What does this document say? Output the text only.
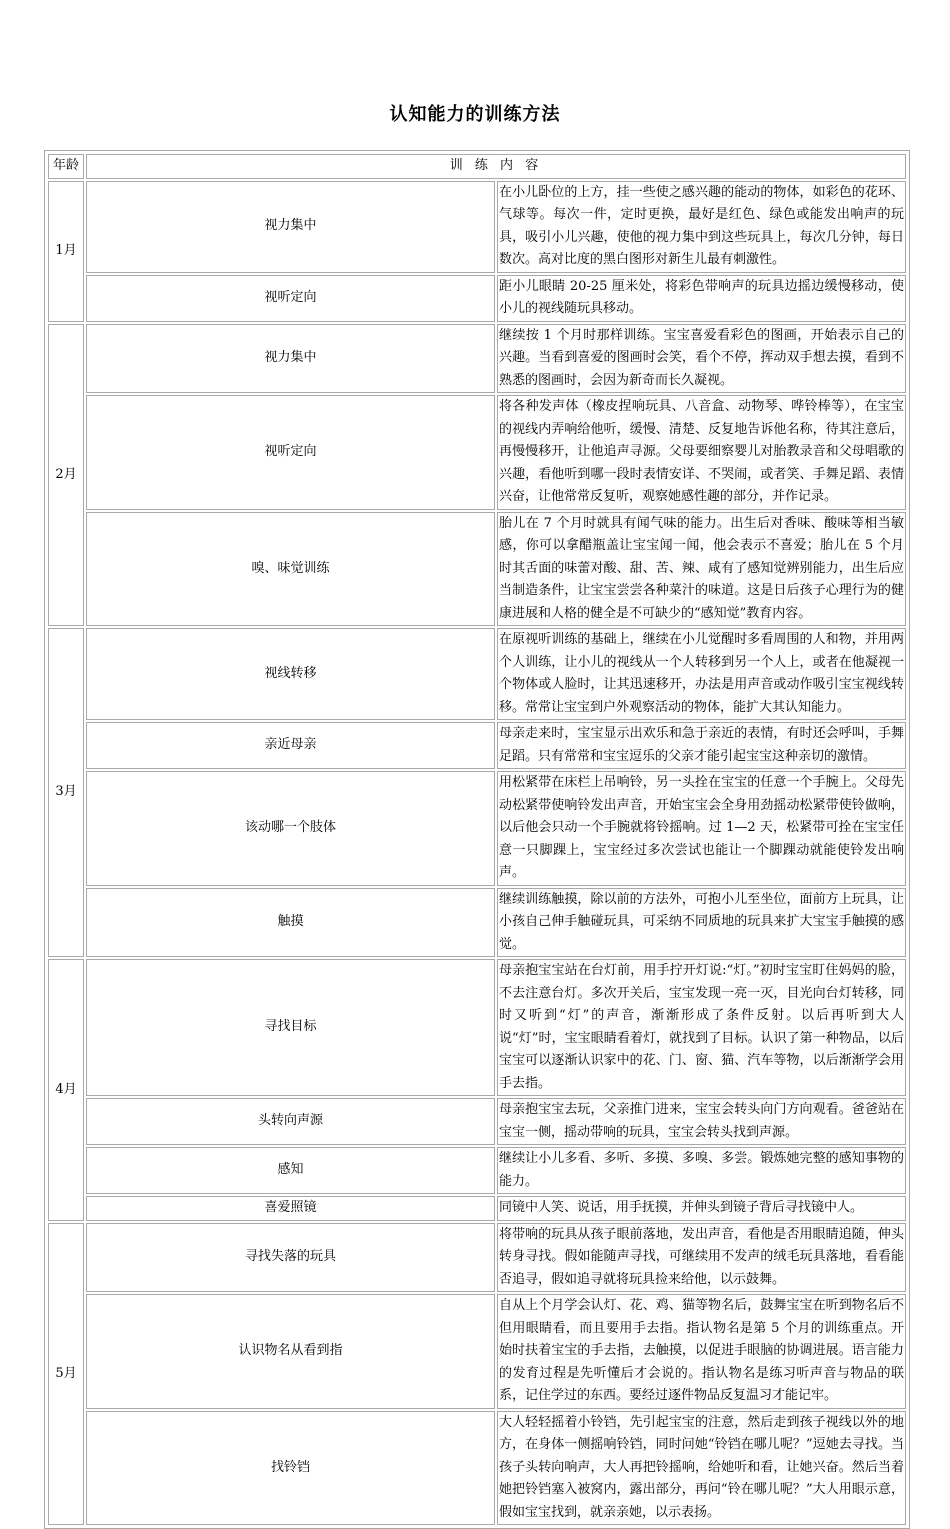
认知能力的训练方法
年龄	训 练 内 容	
1月	视力集中	在小儿卧位的上方，挂一些使之感兴趣的能动的物体，如彩色的花环、气球等。每次一件，定时更换，最好是红色、绿色或能发出响声的玩具，吸引小儿兴趣，使他的视力集中到这些玩具上，每次几分钟，每日数次。高对比度的黑白图形对新生儿最有刺激性。
	视听定向	距小儿眼睛 20-25 厘米处，将彩色带响声的玩具边摇边缓慢移动，使小儿的视线随玩具移动。
2月	视力集中	继续按 1 个月时那样训练。宝宝喜爱看彩色的图画，开始表示自己的兴趣。当看到喜爱的图画时会笑，看个不停，挥动双手想去摸，看到不熟悉的图画时，会因为新奇而长久凝视。
	视听定向	将各种发声体（橡皮捏响玩具、八音盒、动物琴、哗铃棒等），在宝宝的视线内弄响给他听，缓慢、清楚、反复地告诉他名称，待其注意后，再慢慢移开，让他追声寻源。父母要细察婴儿对胎教录音和父母唱歌的兴趣，看他听到哪一段时表情安详、不哭闹，或者笑、手舞足蹈、表情兴奋，让他常常反复听，观察她感性趣的部分，并作记录。
	嗅、味觉训练	胎儿在 7 个月时就具有闻气味的能力。出生后对香味、酸味等相当敏感，你可以拿醋瓶盖让宝宝闻一闻，他会表示不喜爱；胎儿在 5 个月时其舌面的味蕾对酸、甜、苦、辣、咸有了感知觉辨别能力，出生后应当制造条件，让宝宝尝尝各种菜汁的味道。这是日后孩子心理行为的健康进展和人格的健全是不可缺少的“感知觉”教育内容。
3月	视线转移	在原视听训练的基础上，继续在小儿觉醒时多看周围的人和物，并用两个人训练，让小儿的视线从一个人转移到另一个人上，或者在他凝视一个物体或人脸时，让其迅速移开，办法是用声音或动作吸引宝宝视线转移。常常让宝宝到户外观察活动的物体，能扩大其认知能力。
	亲近母亲	母亲走来时，宝宝显示出欢乐和急于亲近的表情，有时还会呼叫，手舞足蹈。只有常常和宝宝逗乐的父亲才能引起宝宝这种亲切的激情。
	该动哪一个肢体	用松紧带在床栏上吊响铃，另一头拴在宝宝的任意一个手腕上。父母先动松紧带使响铃发出声音，开始宝宝会全身用劲摇动松紧带使铃做响，以后他会只动一个手腕就将铃摇响。过 1—2 天，松紧带可拴在宝宝任意一只脚踝上，宝宝经过多次尝试也能让一个脚踝动就能使铃发出响声。
	触摸	继续训练触摸，除以前的方法外，可抱小儿至坐位，面前方上玩具，让小孩自己伸手触碰玩具，可采纳不同质地的玩具来扩大宝宝手触摸的感觉。
4月	寻找目标	母亲抱宝宝站在台灯前，用手拧开灯说:“灯。”初时宝宝盯住妈妈的脸，不去注意台灯。多次开关后，宝宝发现一亮一灭，目光向台灯转移，同时又听到“灯”的声音，渐渐形成了条件反射。以后再听到大人说“灯”时，宝宝眼睛看着灯，就找到了目标。认识了第一种物品，以后宝宝可以逐渐认识家中的花、门、窗、猫、汽车等物，以后渐渐学会用手去指。
	头转向声源	母亲抱宝宝去玩，父亲推门进来，宝宝会转头向门方向观看。爸爸站在宝宝一侧，摇动带响的玩具，宝宝会转头找到声源。
	感知	继续让小儿多看、多听、多摸、多嗅、多尝。锻炼她完整的感知事物的能力。
	喜爱照镜	同镜中人笑、说话，用手抚摸，并伸头到镜子背后寻找镜中人。
5月	寻找失落的玩具	将带响的玩具从孩子眼前落地，发出声音，看他是否用眼睛追随，伸头转身寻找。假如能随声寻找，可继续用不发声的绒毛玩具落地，看看能否追寻，假如追寻就将玩具捡来给他，以示鼓舞。
	认识物名从看到指	自从上个月学会认灯、花、鸡、猫等物名后，鼓舞宝宝在听到物名后不但用眼睛看，而且要用手去指。指认物名是第 5 个月的训练重点。开始时扶着宝宝的手去指，去触摸，以促进手眼脑的协调进展。语言能力的发育过程是先听懂后才会说的。指认物名是练习听声音与物品的联系，记住学过的东西。要经过逐件物品反复温习才能记牢。
	找铃铛	大人轻轻摇着小铃铛，先引起宝宝的注意，然后走到孩子视线以外的地方，在身体一侧摇响铃铛，同时问她“铃铛在哪儿呢？”逗她去寻找。当孩子头转向响声，大人再把铃摇响，给她听和看，让她兴奋。然后当着她把铃铛塞入被窝内，露出部分，再问“铃在哪儿呢？”大人用眼示意，假如宝宝找到，就亲亲她，以示表扬。
